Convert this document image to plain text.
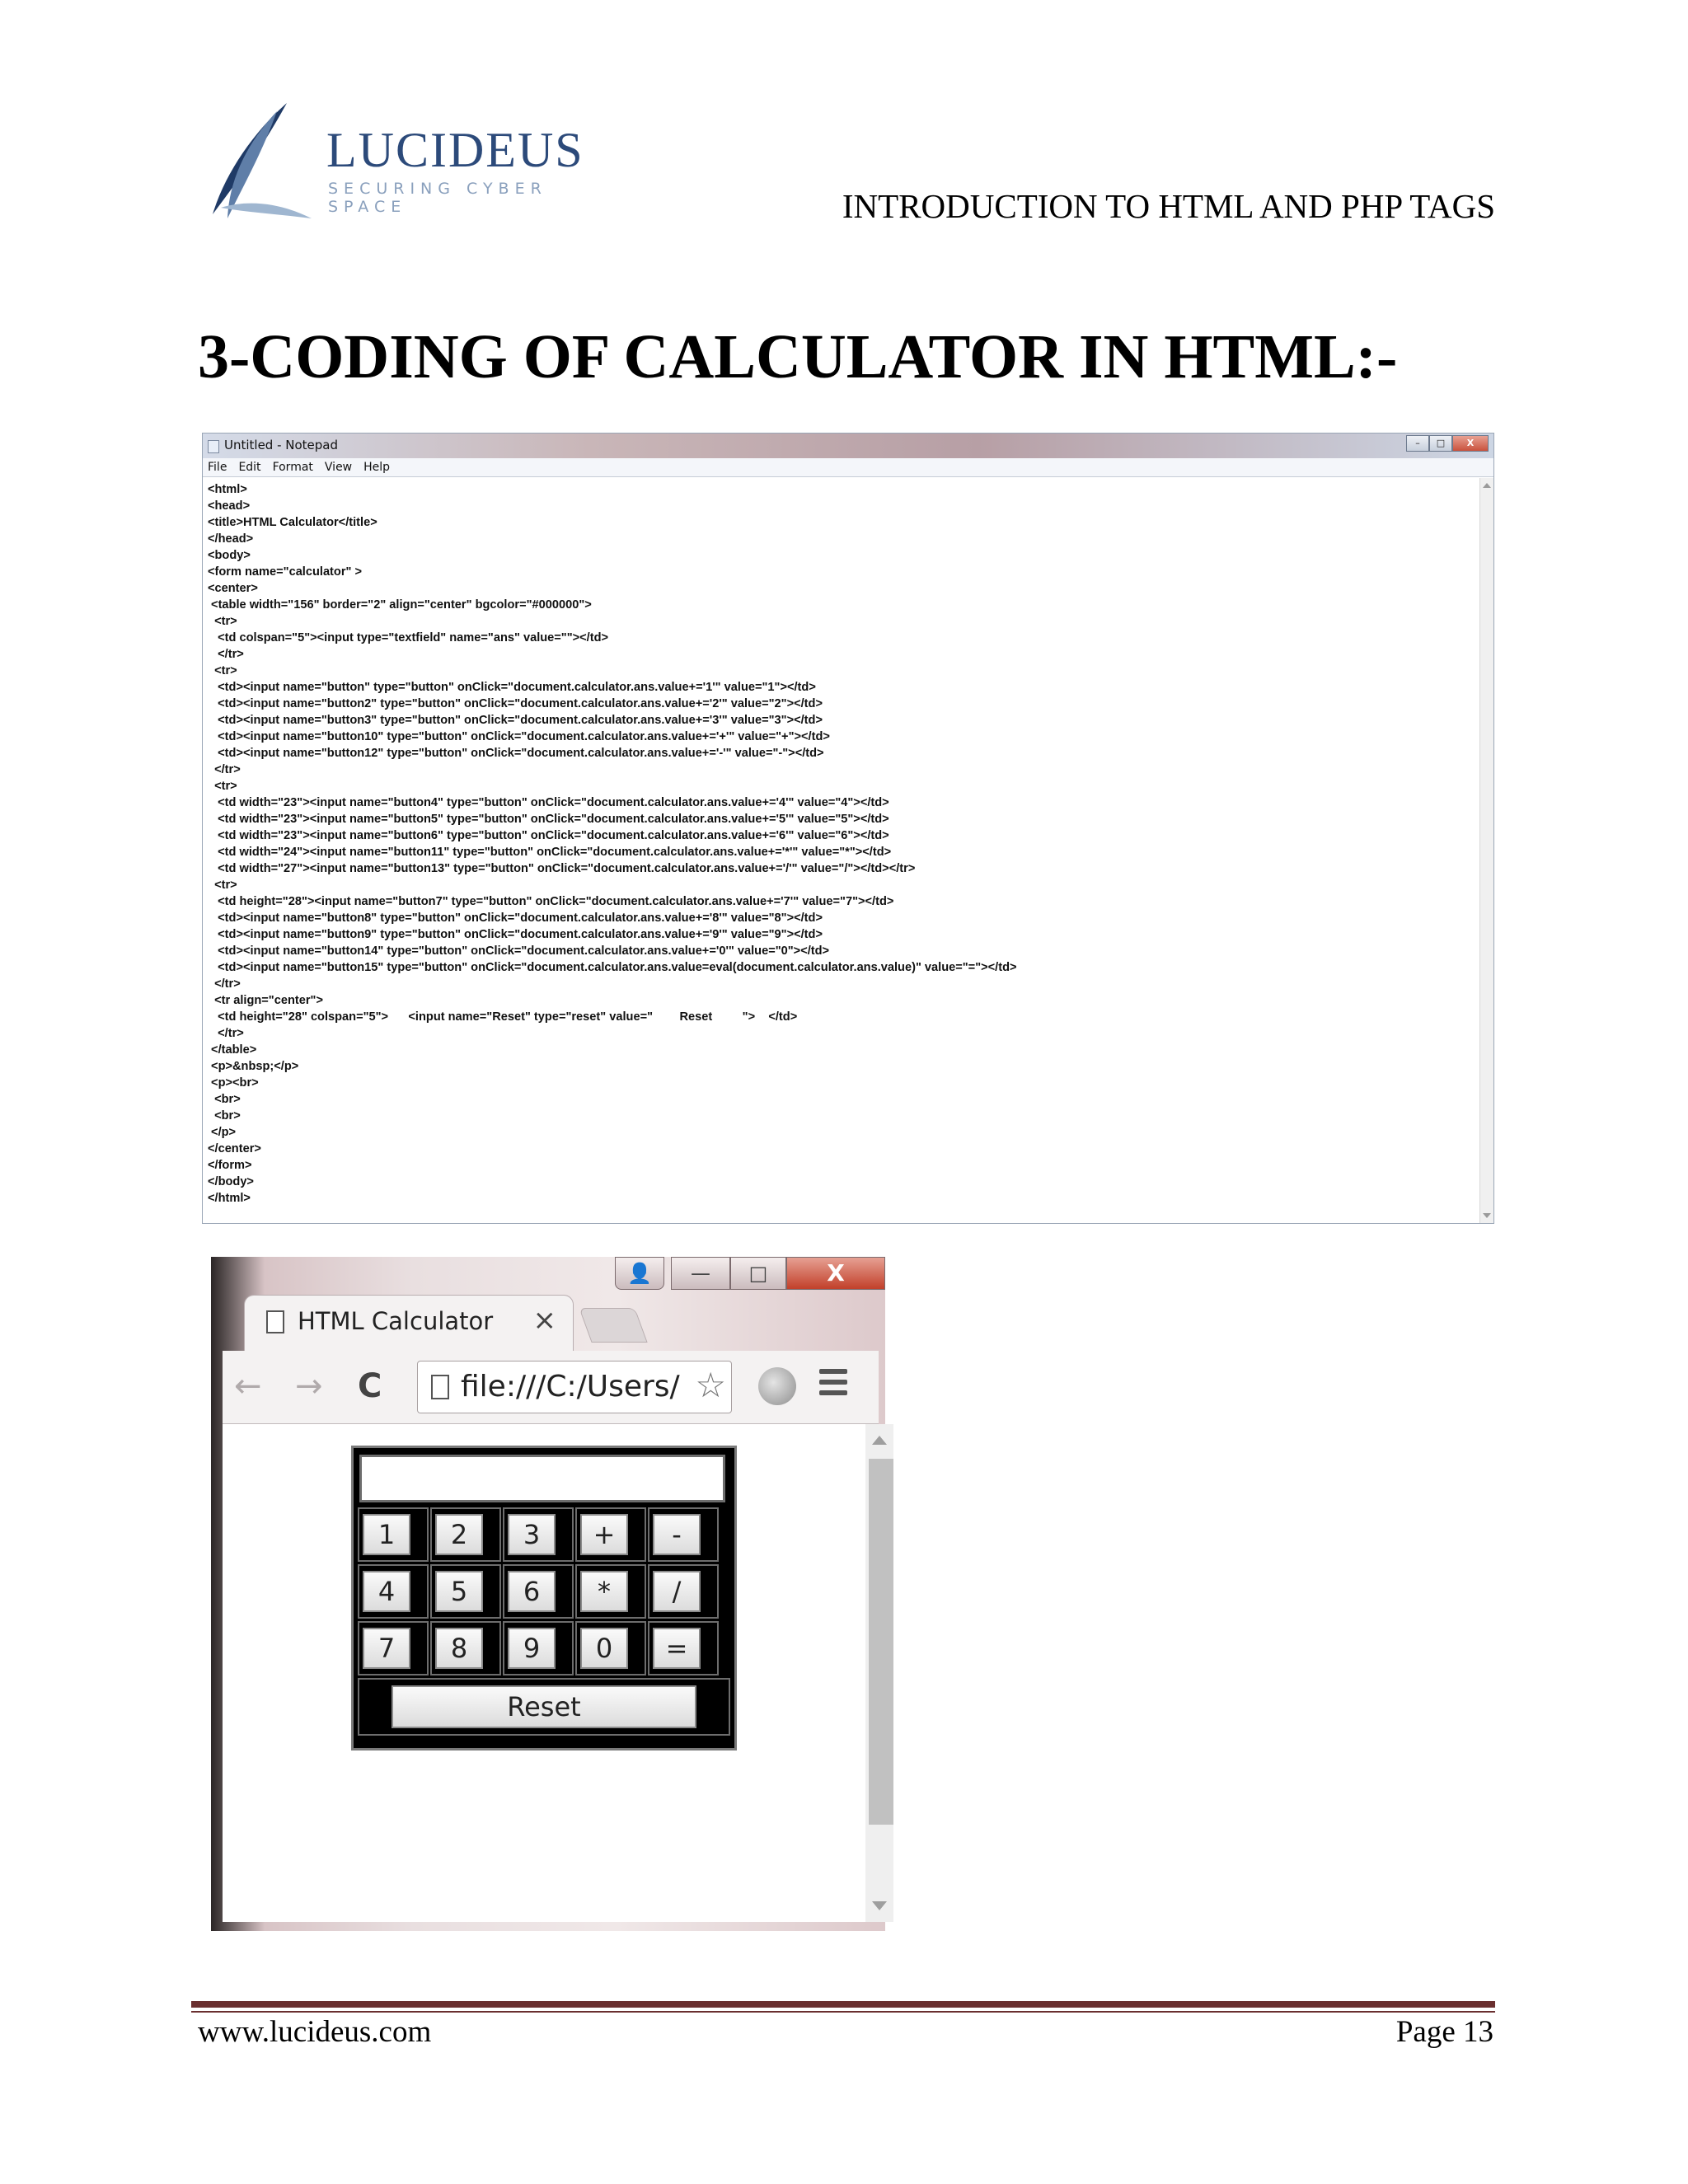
LUCIDEUS
SECURING CYBER SPACE	INTRODUCTION TO HTML AND PHP TAGS
3-CODING OF CALCULATOR IN HTML:-
Untitled - Notepad	–	□	X
File Edit Format View Help
<html>
<head>
<title>HTML Calculator</title>
</head>
<body>
<form name="calculator" >
<center>
<table width="156" border="2" align="center" bgcolor="#000000">
<tr>
<td colspan="5"><input type="textfield" name="ans" value=""></td>
</tr>
<tr>
<td><input name="button" type="button" onClick="document.calculator.ans.value+='1'" value="1"></td>
<td><input name="button2" type="button" onClick="document.calculator.ans.value+='2'" value="2"></td>
<td><input name="button3" type="button" onClick="document.calculator.ans.value+='3'" value="3"></td>
<td><input name="button10" type="button" onClick="document.calculator.ans.value+='+'" value="+"></td>
<td><input name="button12" type="button" onClick="document.calculator.ans.value+='-'" value="-"></td>
</tr>
<tr>
<td width="23"><input name="button4" type="button" onClick="document.calculator.ans.value+='4'" value="4"></td>
<td width="23"><input name="button5" type="button" onClick="document.calculator.ans.value+='5'" value="5"></td>
<td width="23"><input name="button6" type="button" onClick="document.calculator.ans.value+='6'" value="6"></td>
<td width="24"><input name="button11" type="button" onClick="document.calculator.ans.value+='*'" value="*"></td>
<td width="27"><input name="button13" type="button" onClick="document.calculator.ans.value+='/'" value="/"></td></tr>
<tr>
<td height="28"><input name="button7" type="button" onClick="document.calculator.ans.value+='7'" value="7"></td>
<td><input name="button8" type="button" onClick="document.calculator.ans.value+='8'" value="8"></td>
<td><input name="button9" type="button" onClick="document.calculator.ans.value+='9'" value="9"></td>
<td><input name="button14" type="button" onClick="document.calculator.ans.value+='0'" value="0"></td>
<td><input name="button15" type="button" onClick="document.calculator.ans.value=eval(document.calculator.ans.value)" value="="></td>
</tr>
<tr align="center">
<td height="28" colspan="5">      <input name="Reset" type="reset" value="        Reset         ">    </td>
</tr>
</table>
<p>&nbsp;</p>
<p><br>
<br>
<br>
</p>
</center>
</form>
</body>
</html>
👤	—	□	X
HTML Calculator ×
← → C	file:///C:/Users/ ☆
1	2	3	+	-
4	5	6	*	/
7	8	9	0	=
Reset
www.lucideus.com	Page 13
